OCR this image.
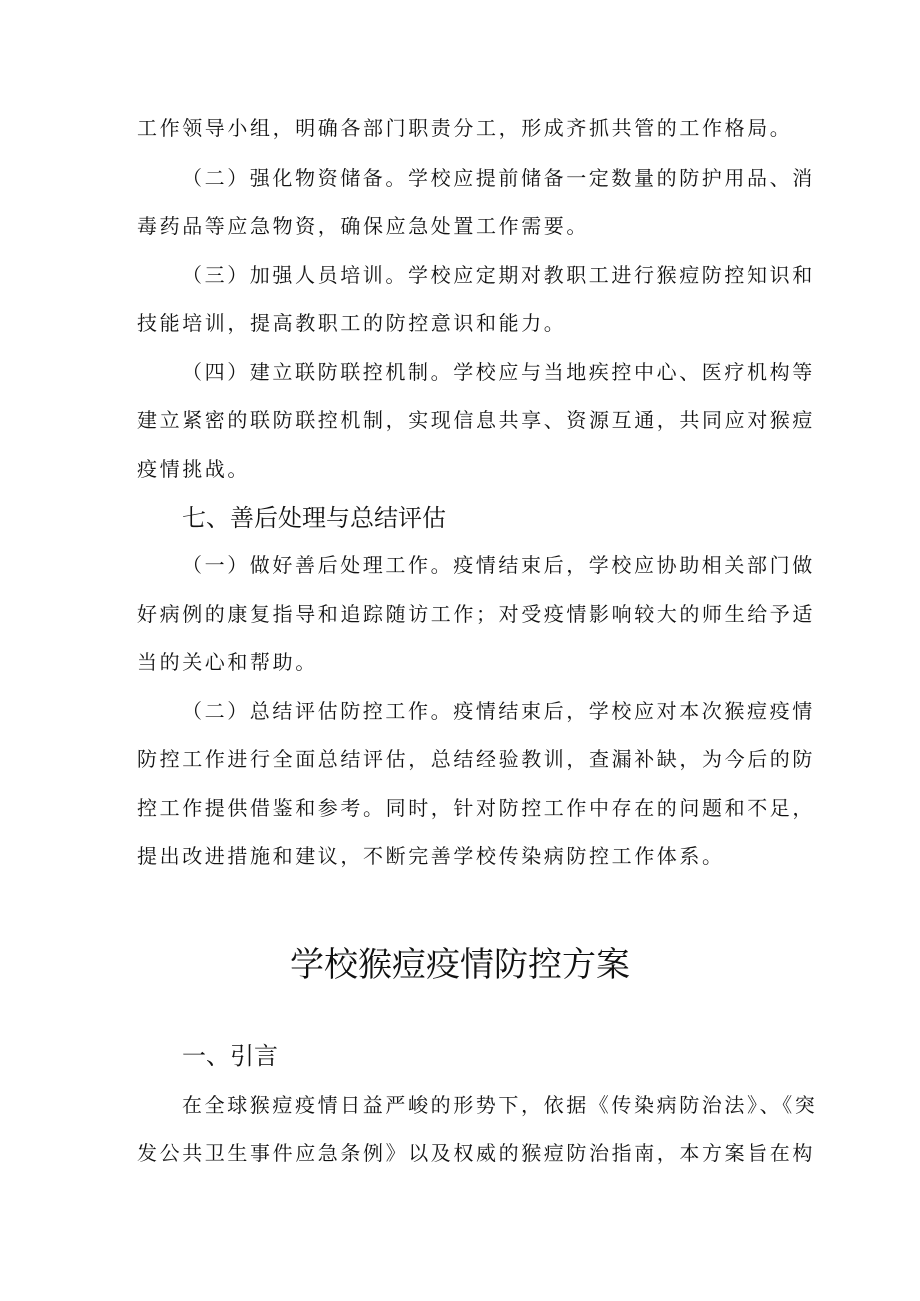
工作领导小组，明确各部门职责分工，形成齐抓共管的工作格局。
（二）强化物资储备。学校应提前储备一定数量的防护用品、消
毒药品等应急物资，确保应急处置工作需要。
（三）加强人员培训。学校应定期对教职工进行猴痘防控知识和
技能培训，提高教职工的防控意识和能力。
（四）建立联防联控机制。学校应与当地疾控中心、医疗机构等
建立紧密的联防联控机制，实现信息共享、资源互通，共同应对猴痘
疫情挑战。
七、善后处理与总结评估
（一）做好善后处理工作。疫情结束后，学校应协助相关部门做
好病例的康复指导和追踪随访工作；对受疫情影响较大的师生给予适
当的关心和帮助。
（二）总结评估防控工作。疫情结束后，学校应对本次猴痘疫情
防控工作进行全面总结评估，总结经验教训，查漏补缺，为今后的防
控工作提供借鉴和参考。同时，针对防控工作中存在的问题和不足，
提出改进措施和建议，不断完善学校传染病防控工作体系。
学校猴痘疫情防控方案
一、引言
在全球猴痘疫情日益严峻的形势下，依据《传染病防治法》、《突
发公共卫生事件应急条例》以及权威的猴痘防治指南，本方案旨在构
